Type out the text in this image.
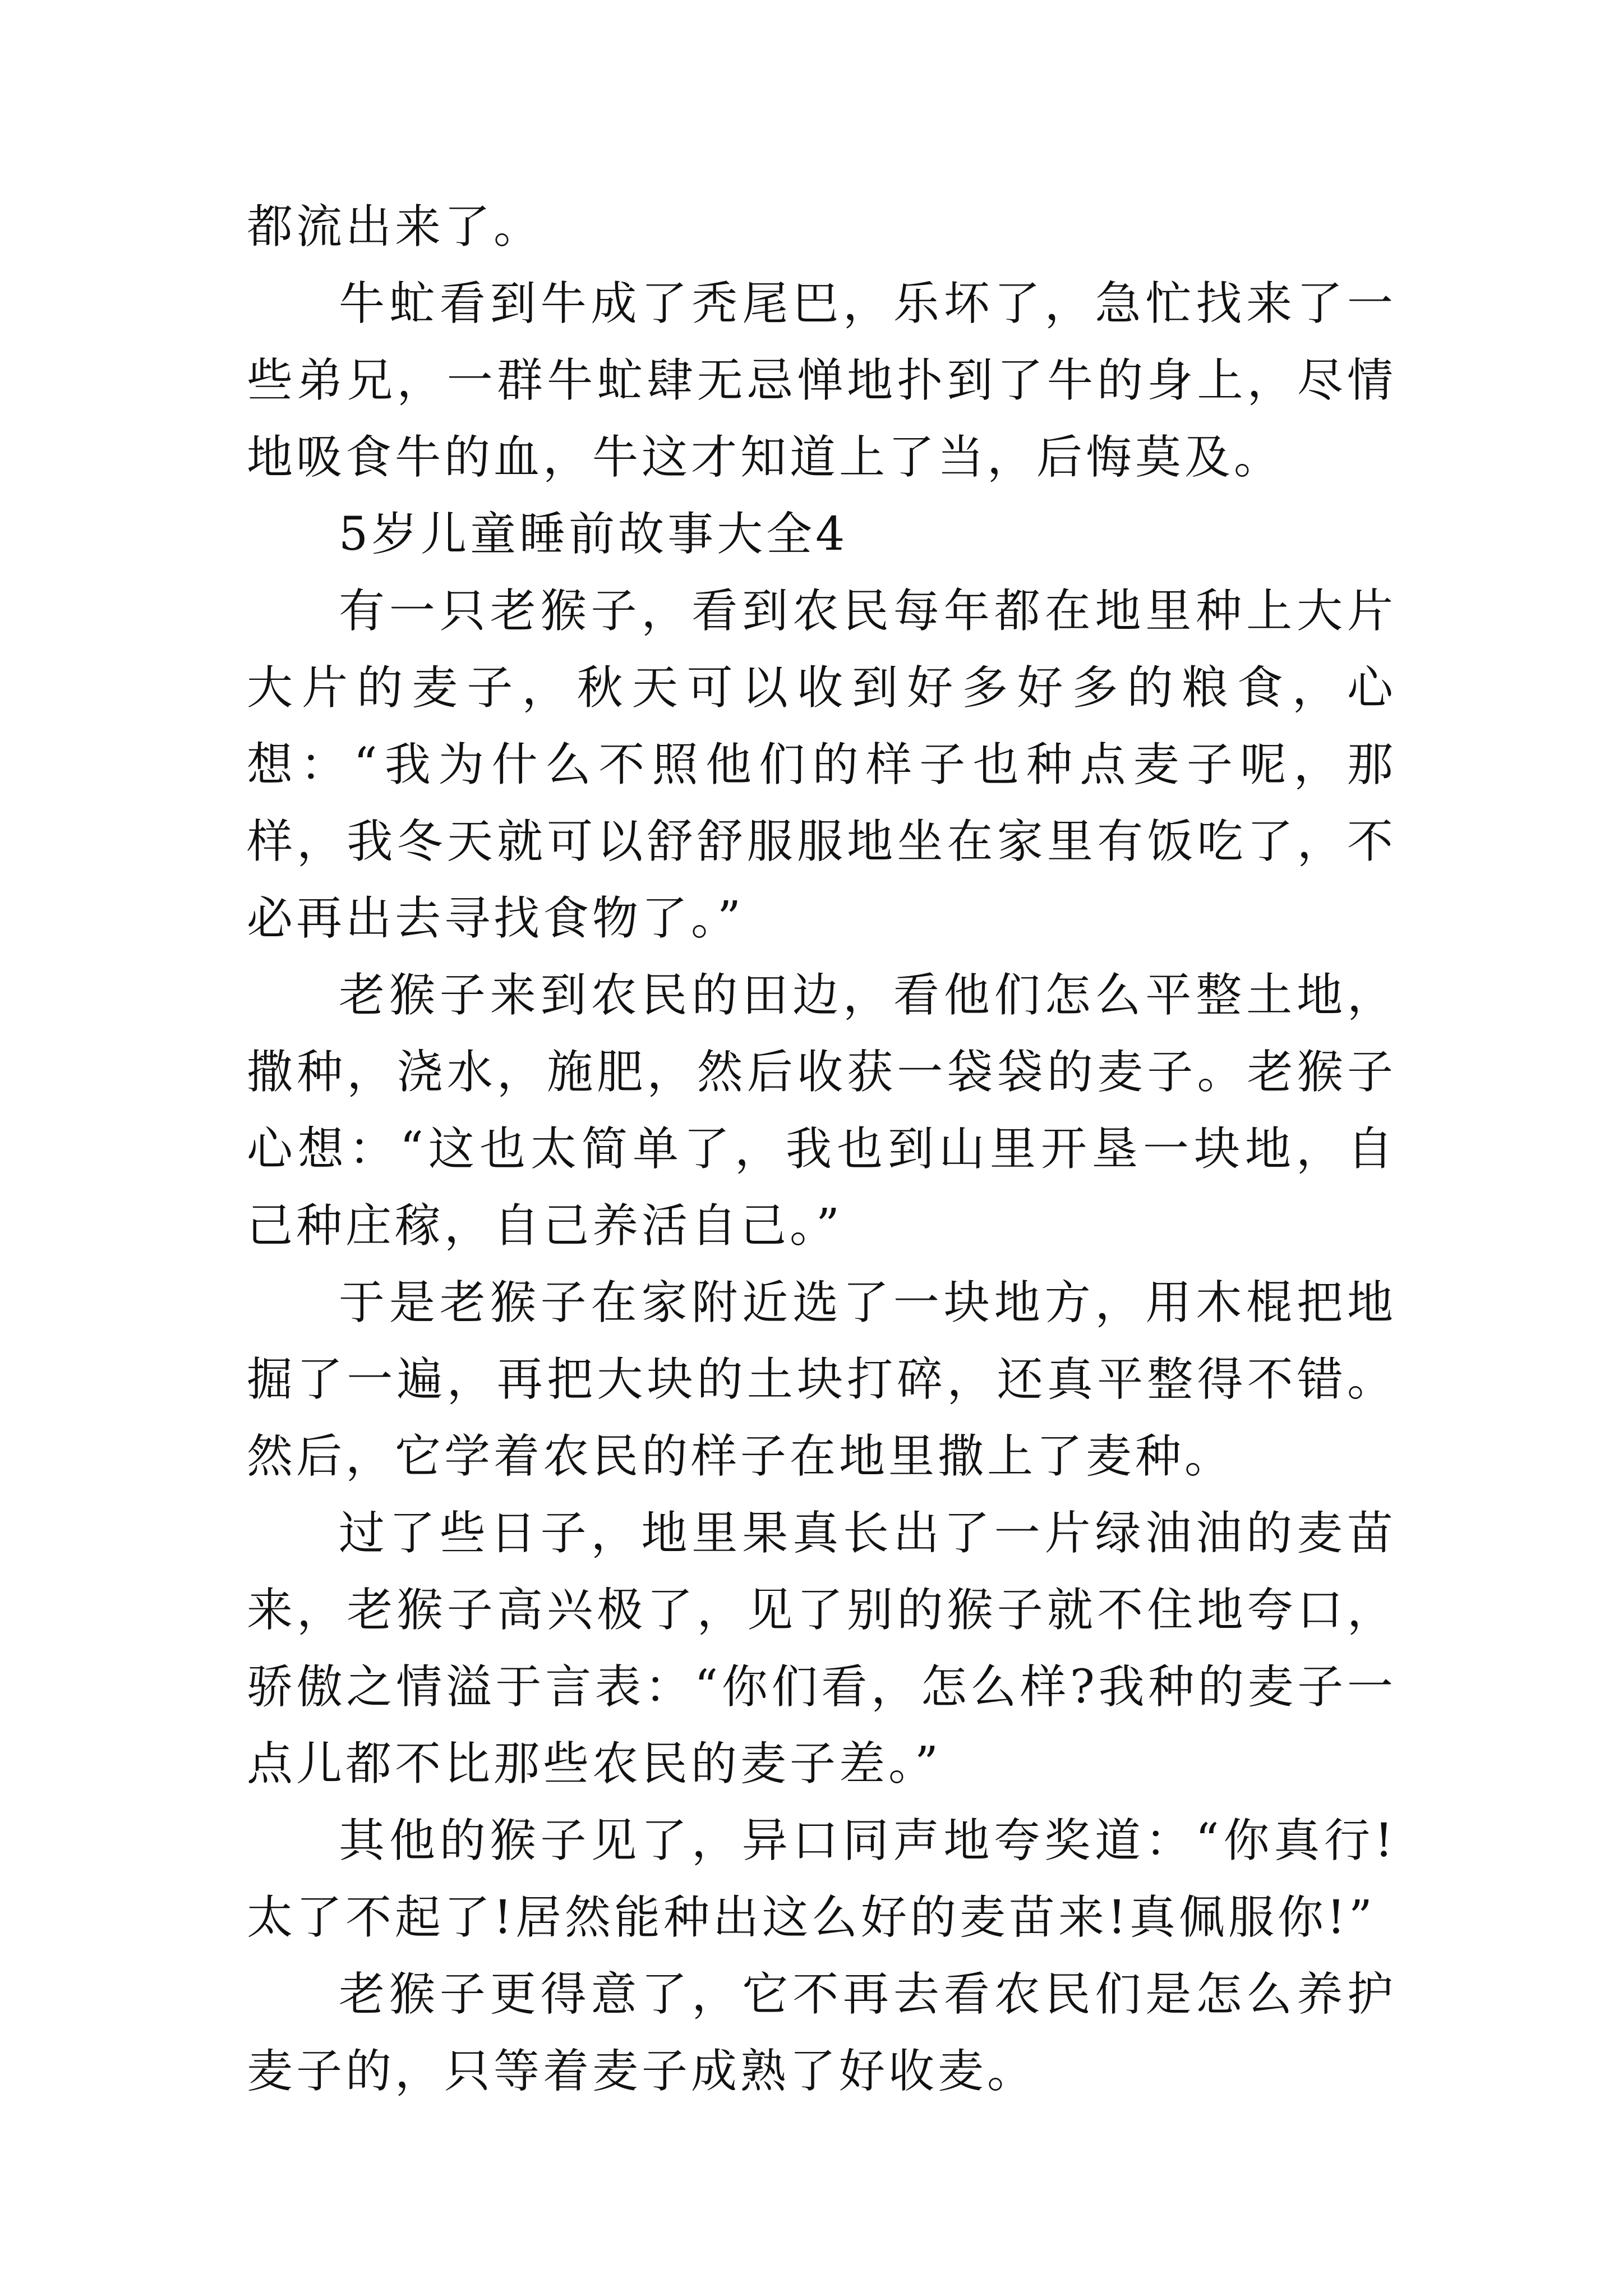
都流出来了。

牛虻看到牛成了秃尾巴，乐坏了，急忙找来了一些弟兄，一群牛虻肆无忌惮地扑到了牛的身上，尽情地吸食牛的血，牛这才知道上了当，后悔莫及。

5岁儿童睡前故事大全4

有一只老猴子，看到农民每年都在地里种上大片大片的麦子，秋天可以收到好多好多的粮食，心想：“我为什么不照他们的样子也种点麦子呢，那样，我冬天就可以舒舒服服地坐在家里有饭吃了，不必再出去寻找食物了。”

老猴子来到农民的田边，看他们怎么平整土地，撒种，浇水，施肥，然后收获一袋袋的麦子。老猴子心想：“这也太简单了，我也到山里开垦一块地，自己种庄稼，自己养活自己。”

于是老猴子在家附近选了一块地方，用木棍把地掘了一遍，再把大块的土块打碎，还真平整得不错。然后，它学着农民的样子在地里撒上了麦种。

过了些日子，地里果真长出了一片绿油油的麦苗来，老猴子高兴极了，见了别的猴子就不住地夸口，骄傲之情溢于言表：“你们看，怎么样?我种的麦子一点儿都不比那些农民的麦子差。”

其他的猴子见了，异口同声地夸奖道：“你真行!太了不起了!居然能种出这么好的麦苗来!真佩服你!”

老猴子更得意了，它不再去看农民们是怎么养护麦子的，只等着麦子成熟了好收麦。
